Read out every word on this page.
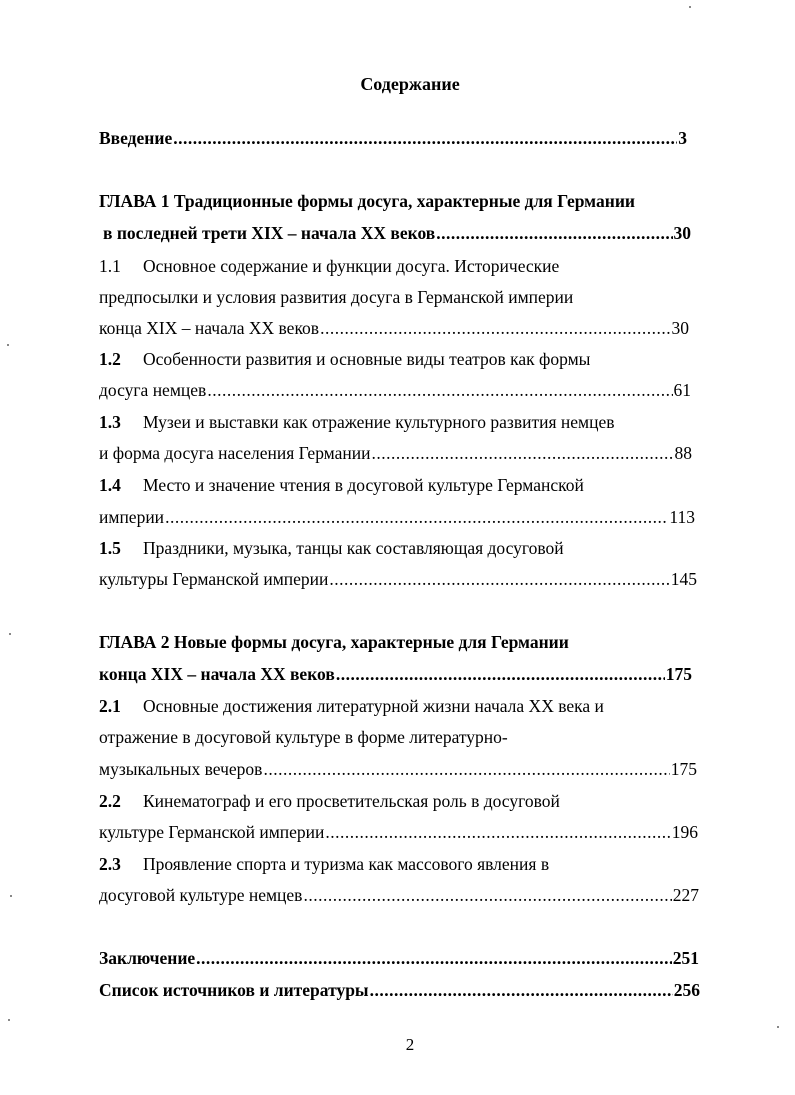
Содержание
Введение .....	3
ГЛАВА 1 Традиционные формы досуга, характерные для Германии
в последней трети XIX – начала XX веков .....	30
1.1 Основное содержание и функции досуга. Исторические
предпосылки и условия развития досуга в Германской империи
конца XIX – начала XX веков .....	30
1.2 Особенности развития и основные виды театров как формы
досуга немцев .....	61
1.3 Музеи и выставки как отражение культурного развития немцев
и форма досуга населения Германии .....	88
1.4 Место и значение чтения в досуговой культуре Германской
империи .....	113
1.5 Праздники, музыка, танцы как составляющая досуговой
культуры Германской империи .....	145
ГЛАВА 2 Новые формы досуга, характерные для Германии
конца XIX – начала XX веков .....	175
2.1 Основные достижения литературной жизни начала XX века и
отражение в досуговой культуре в форме литературно-
музыкальных вечеров .....	175
2.2 Кинематограф и его просветительская роль в досуговой
культуре Германской империи .....	196
2.3 Проявление спорта и туризма как массового явления в
досуговой культуре немцев .....	227
Заключение .....	251
Список источников и литературы .....	256
2
